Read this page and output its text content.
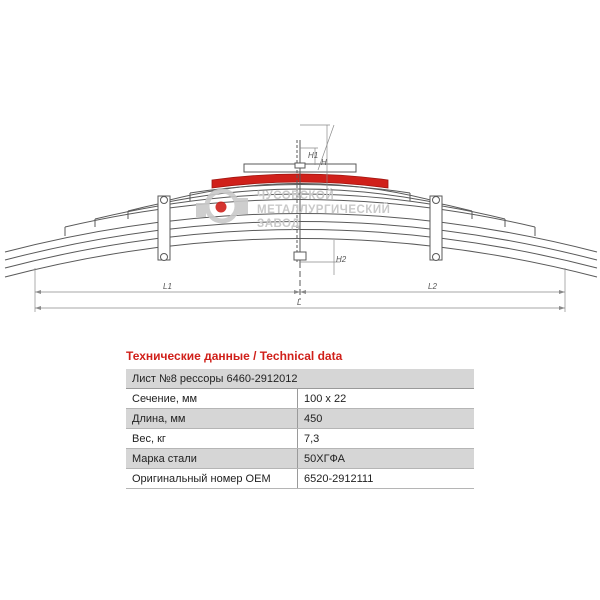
H
H1
H2
L1	L2
L
ЧУСОВСКОЙ
МЕТАЛЛУРГИЧЕСКИЙ
ЗАВОД
Технические данные / Technical data
Лист №8 рессоры 6460-2912012	
Сечение, мм	100 x 22
Длина, мм	450
Вес, кг	7,3
Марка стали	50ХГФА
Оригинальный номер OEM	6520-2912111
